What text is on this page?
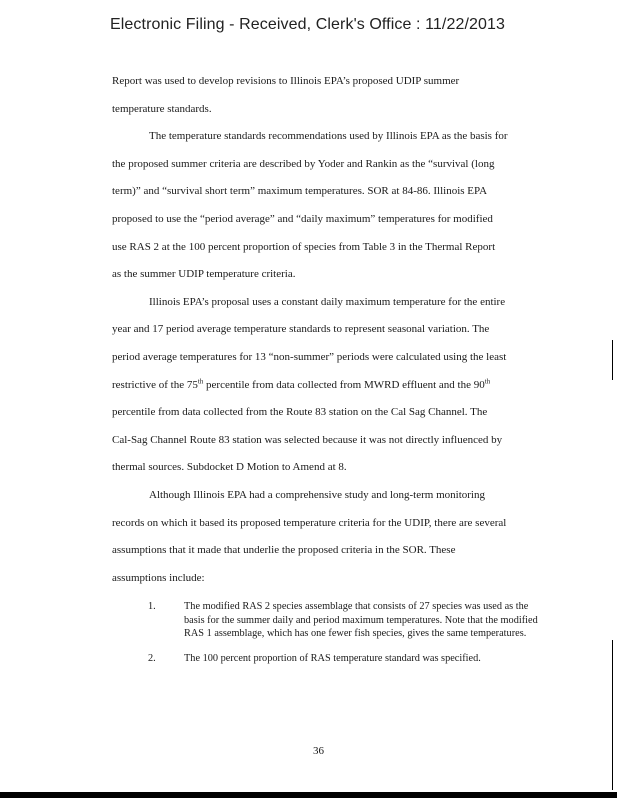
Electronic Filing - Received, Clerk's Office : 11/22/2013
Report was used to develop revisions to Illinois EPA’s proposed UDIP summer
temperature standards.
The temperature standards recommendations used by Illinois EPA as the basis for
the proposed summer criteria are described by Yoder and Rankin as the “survival (long
term)” and “survival short term” maximum temperatures. SOR at 84-86. Illinois EPA
proposed to use the “period average” and “daily maximum” temperatures for modified
use RAS 2 at the 100 percent proportion of species from Table 3 in the Thermal Report
as the summer UDIP temperature criteria.
Illinois EPA’s proposal uses a constant daily maximum temperature for the entire
year and 17 period average temperature standards to represent seasonal variation. The
period average temperatures for 13 “non-summer” periods were calculated using the least
restrictive of the 75th percentile from data collected from MWRD effluent and the 90th
percentile from data collected from the Route 83 station on the Cal Sag Channel. The
Cal-Sag Channel Route 83 station was selected because it was not directly influenced by
thermal sources. Subdocket D Motion to Amend at 8.
Although Illinois EPA had a comprehensive study and long-term monitoring
records on which it based its proposed temperature criteria for the UDIP, there are several
assumptions that it made that underlie the proposed criteria in the SOR. These
assumptions include:
1.	The modified RAS 2 species assemblage that consists of 27 species was used as the basis for the summer daily and period maximum temperatures. Note that the modified RAS 1 assemblage, which has one fewer fish species, gives the same temperatures.
2.	The 100 percent proportion of RAS temperature standard was specified.
36
